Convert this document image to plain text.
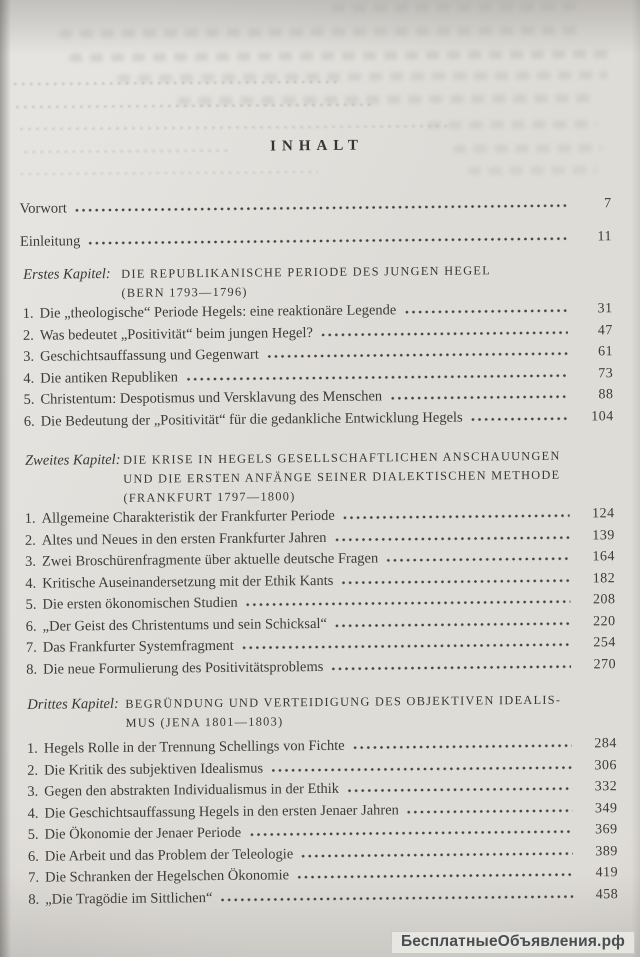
INHALT
Vorwort	7
Einleitung	11
Erstes Kapitel: DIE REPUBLIKANISCHE PERIODE DES JUNGEN HEGEL
(BERN 1793—1796)
1. Die „theologische“ Periode Hegels: eine reaktionäre Legende	31
2. Was bedeutet „Positivität“ beim jungen Hegel?	47
3. Geschichtsauffassung und Gegenwart	61
4. Die antiken Republiken	73
5. Christentum: Despotismus und Versklavung des Menschen	88
6. Die Bedeutung der „Positivität“ für die gedankliche Entwicklung Hegels	104
Zweites Kapitel: DIE KRISE IN HEGELS GESELLSCHAFTLICHEN ANSCHAUUNGEN
UND DIE ERSTEN ANFÄNGE SEINER DIALEKTISCHEN METHODE
(FRANKFURT 1797—1800)
1. Allgemeine Charakteristik der Frankfurter Periode	124
2. Altes und Neues in den ersten Frankfurter Jahren	139
3. Zwei Broschürenfragmente über aktuelle deutsche Fragen	164
4. Kritische Auseinandersetzung mit der Ethik Kants	182
5. Die ersten ökonomischen Studien	208
6. „Der Geist des Christentums und sein Schicksal“	220
7. Das Frankfurter Systemfragment	254
8. Die neue Formulierung des Positivitätsproblems	270
Drittes Kapitel: BEGRÜNDUNG UND VERTEIDIGUNG DES OBJEKTIVEN IDEALIS-
MUS (JENA 1801—1803)
1. Hegels Rolle in der Trennung Schellings von Fichte	284
2. Die Kritik des subjektiven Idealismus	306
3. Gegen den abstrakten Individualismus in der Ethik	332
4. Die Geschichtsauffassung Hegels in den ersten Jenaer Jahren	349
5. Die Ökonomie der Jenaer Periode	369
6. Die Arbeit und das Problem der Teleologie	389
7. Die Schranken der Hegelschen Ökonomie	419
8. „Die Tragödie im Sittlichen“	458
БесплатныеОбъявления.рф
